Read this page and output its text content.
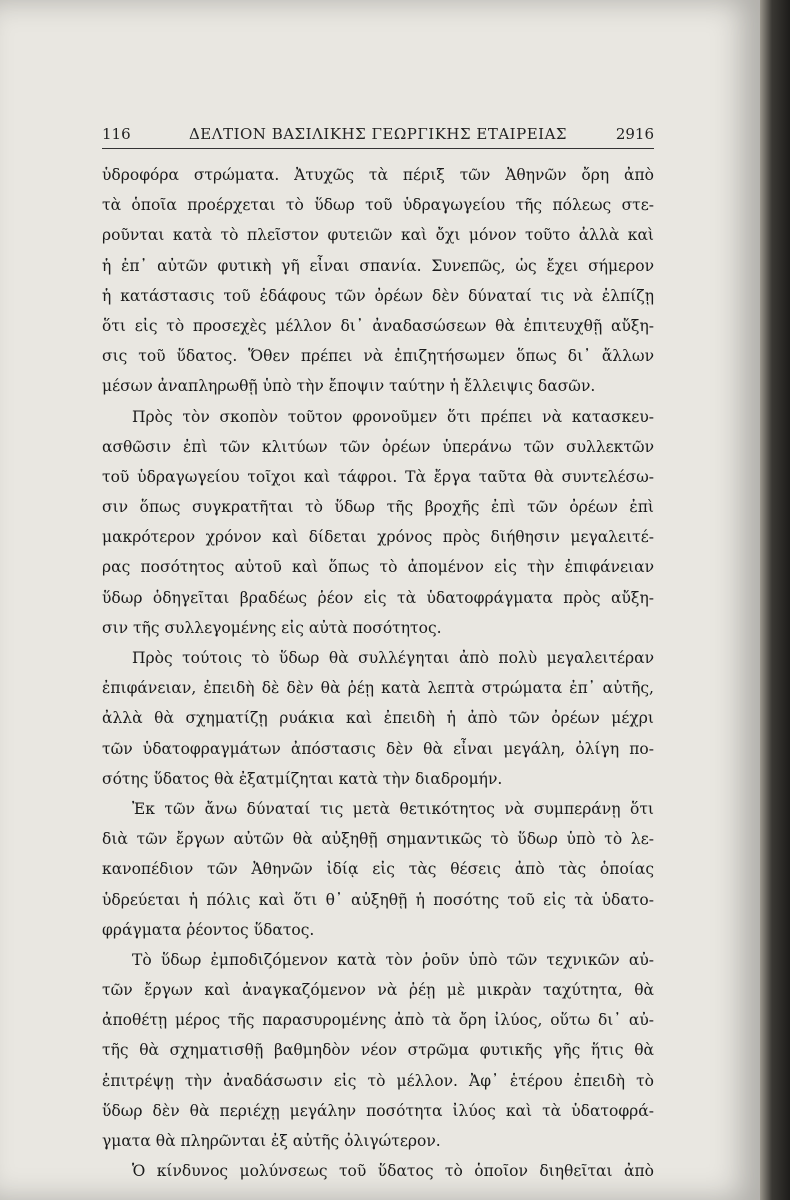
116	ΔΕΛΤΙΟΝ ΒΑΣΙΛΙΚΗΣ ΓΕΩΡΓΙΚΗΣ ΕΤΑΙΡΕΙΑΣ	2916
ὑδροφόρα στρώματα. Ἀτυχῶς τὰ πέριξ τῶν Ἀθηνῶν ὄρη ἀπὸ
τὰ ὁποῖα προέρχεται τὸ ὕδωρ τοῦ ὑδραγωγείου τῆς πόλεως στε-
ροῦνται κατὰ τὸ πλεῖστον φυτειῶν καὶ ὄχι μόνον τοῦτο ἀλλὰ καὶ
ἡ ἐπ᾽ αὐτῶν φυτικὴ γῆ εἶναι σπανία. Συνεπῶς, ὡς ἔχει σήμερον
ἡ κατάστασις τοῦ ἐδάφους τῶν ὀρέων δὲν δύναταί τις νὰ ἐλπίζῃ
ὅτι εἰς τὸ προσεχὲς μέλλον δι᾽ ἀναδασώσεων θὰ ἐπιτευχθῇ αὔξη-
σις τοῦ ὕδατος. Ὅθεν πρέπει νὰ ἐπιζητήσωμεν ὅπως δι᾽ ἄλλων
μέσων ἀναπληρωθῇ ὑπὸ τὴν ἔποψιν ταύτην ἡ ἔλλειψις δασῶν.
Πρὸς τὸν σκοπὸν τοῦτον φρονοῦμεν ὅτι πρέπει νὰ κατασκευ-
ασθῶσιν ἐπὶ τῶν κλιτύων τῶν ὀρέων ὑπεράνω τῶν συλλεκτῶν
τοῦ ὑδραγωγείου τοῖχοι καὶ τάφροι. Τὰ ἔργα ταῦτα θὰ συντελέσω-
σιν ὅπως συγκρατῆται τὸ ὕδωρ τῆς βροχῆς ἐπὶ τῶν ὀρέων ἐπὶ
μακρότερον χρόνον καὶ δίδεται χρόνος πρὸς διήθησιν μεγαλειτέ-
ρας ποσότητος αὐτοῦ καὶ ὅπως τὸ ἀπομένον εἰς τὴν ἐπιφάνειαν
ὕδωρ ὁδηγεῖται βραδέως ῥέον εἰς τὰ ὑδατοφράγματα πρὸς αὔξη-
σιν τῆς συλλεγομένης εἰς αὐτὰ ποσότητος.
Πρὸς τούτοις τὸ ὕδωρ θὰ συλλέγηται ἀπὸ πολὺ μεγαλειτέραν
ἐπιφάνειαν, ἐπειδὴ δὲ δὲν θὰ ῥέῃ κατὰ λεπτὰ στρώματα ἐπ᾽ αὐτῆς,
ἀλλὰ θὰ σχηματίζῃ ρυάκια καὶ ἐπειδὴ ἡ ἀπὸ τῶν ὀρέων μέχρι
τῶν ὑδατοφραγμάτων ἀπόστασις δὲν θὰ εἶναι μεγάλη, ὀλίγη πο-
σότης ὕδατος θὰ ἐξατμίζηται κατὰ τὴν διαδρομήν.
Ἐκ τῶν ἄνω δύναταί τις μετὰ θετικότητος νὰ συμπεράνῃ ὅτι
διὰ τῶν ἔργων αὐτῶν θὰ αὐξηθῇ σημαντικῶς τὸ ὕδωρ ὑπὸ τὸ λε-
κανοπέδιον τῶν Ἀθηνῶν ἰδίᾳ εἰς τὰς θέσεις ἀπὸ τὰς ὁποίας
ὑδρεύεται ἡ πόλις καὶ ὅτι θ᾽ αὐξηθῇ ἡ ποσότης τοῦ εἰς τὰ ὑδατο-
φράγματα ῥέοντος ὕδατος.
Τὸ ὕδωρ ἐμποδιζόμενον κατὰ τὸν ῥοῦν ὑπὸ τῶν τεχνικῶν αὐ-
τῶν ἔργων καὶ ἀναγκαζόμενον νὰ ῥέῃ μὲ μικρὰν ταχύτητα, θὰ
ἀποθέτῃ μέρος τῆς παρασυρομένης ἀπὸ τὰ ὄρη ἰλύος, οὕτω δι᾽ αὐ-
τῆς θὰ σχηματισθῇ βαθμηδὸν νέον στρῶμα φυτικῆς γῆς ἥτις θὰ
ἐπιτρέψῃ τὴν ἀναδάσωσιν εἰς τὸ μέλλον. Ἀφ᾽ ἑτέρου ἐπειδὴ τὸ
ὕδωρ δὲν θὰ περιέχῃ μεγάλην ποσότητα ἰλύος καὶ τὰ ὑδατοφρά-
γματα θὰ πληρῶνται ἐξ αὐτῆς ὀλιγώτερον.
Ὁ κίνδυνος μολύνσεως τοῦ ὕδατος τὸ ὁποῖον διηθεῖται ἀπὸ
